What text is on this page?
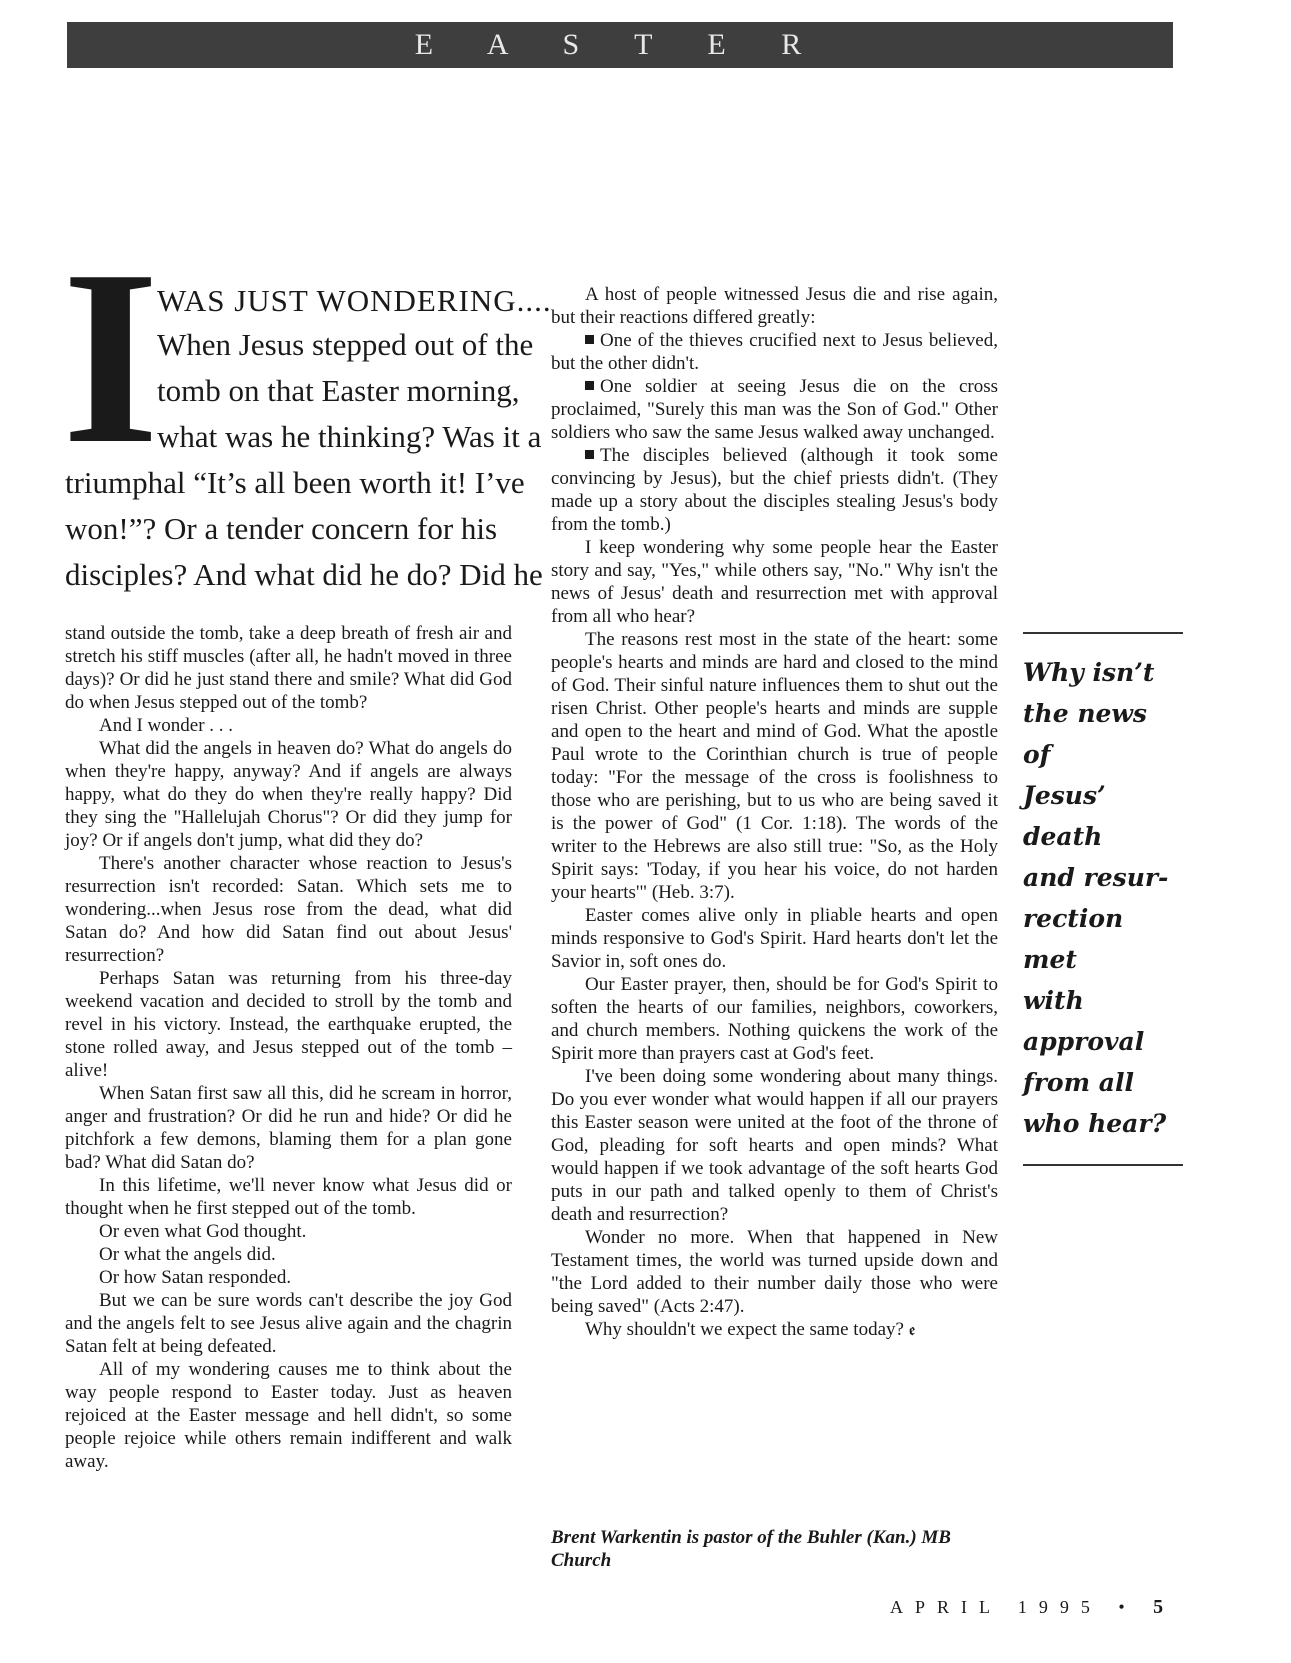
E A S T E R
I
WAS JUST WONDERING....
When Jesus stepped out of the
tomb on that Easter morning,
what was he thinking? Was it a
triumphal “It’s all been worth it! I’ve
won!”? Or a tender concern for his
disciples? And what did he do? Did he

stand outside the tomb, take a deep breath of fresh air and stretch his stiff muscles (after all, he hadn't moved in three days)? Or did he just stand there and smile? What did God do when Jesus stepped out of the tomb?

And I wonder . . .

What did the angels in heaven do? What do angels do when they're happy, anyway? And if angels are always happy, what do they do when they're really happy? Did they sing the "Hallelujah Chorus"? Or did they jump for joy? Or if angels don't jump, what did they do?

There's another character whose reaction to Jesus's resurrection isn't recorded: Satan. Which sets me to wondering...when Jesus rose from the dead, what did Satan do? And how did Satan find out about Jesus' resurrection?

Perhaps Satan was returning from his three-day weekend vacation and decided to stroll by the tomb and revel in his victory. Instead, the earthquake erupted, the stone rolled away, and Jesus stepped out of the tomb – alive!

When Satan first saw all this, did he scream in horror, anger and frustration? Or did he run and hide? Or did he pitchfork a few demons, blaming them for a plan gone bad? What did Satan do?

In this lifetime, we'll never know what Jesus did or thought when he first stepped out of the tomb.

Or even what God thought.

Or what the angels did.

Or how Satan responded.

But we can be sure words can't describe the joy God and the angels felt to see Jesus alive again and the chagrin Satan felt at being defeated.

All of my wondering causes me to think about the way people respond to Easter today. Just as heaven rejoiced at the Easter message and hell didn't, so some people rejoice while others remain indifferent and walk away.

A host of people witnessed Jesus die and rise again, but their reactions differed greatly:

One of the thieves crucified next to Jesus believed, but the other didn't.

One soldier at seeing Jesus die on the cross proclaimed, "Surely this man was the Son of God." Other soldiers who saw the same Jesus walked away unchanged.

The disciples believed (although it took some convincing by Jesus), but the chief priests didn't. (They made up a story about the disciples stealing Jesus's body from the tomb.)

I keep wondering why some people hear the Easter story and say, "Yes," while others say, "No." Why isn't the news of Jesus' death and resurrection met with approval from all who hear?

The reasons rest most in the state of the heart: some people's hearts and minds are hard and closed to the mind of God. Their sinful nature influences them to shut out the risen Christ. Other people's hearts and minds are supple and open to the heart and mind of God. What the apostle Paul wrote to the Corinthian church is true of people today: "For the message of the cross is foolishness to those who are perishing, but to us who are being saved it is the power of God" (1 Cor. 1:18). The words of the writer to the Hebrews are also still true: "So, as the Holy Spirit says: 'Today, if you hear his voice, do not harden your hearts'" (Heb. 3:7).

Easter comes alive only in pliable hearts and open minds responsive to God's Spirit. Hard hearts don't let the Savior in, soft ones do.

Our Easter prayer, then, should be for God's Spirit to soften the hearts of our families, neighbors, coworkers, and church members. Nothing quickens the work of the Spirit more than prayers cast at God's feet.

I've been doing some wondering about many things. Do you ever wonder what would happen if all our prayers this Easter season were united at the foot of the throne of God, pleading for soft hearts and open minds? What would happen if we took advantage of the soft hearts God puts in our path and talked openly to them of Christ's death and resurrection?

Wonder no more. When that happened in New Testament times, the world was turned upside down and "the Lord added to their number daily those who were being saved" (Acts 2:47).

Why shouldn't we expect the same today? ꬲ

Why isn’t
the news of
Jesus’ death
and resur-
rection met
with
approval
from all
who hear?
Brent Warkentin is pastor of the Buhler (Kan.) MB Church
APRIL 1995 • 5
